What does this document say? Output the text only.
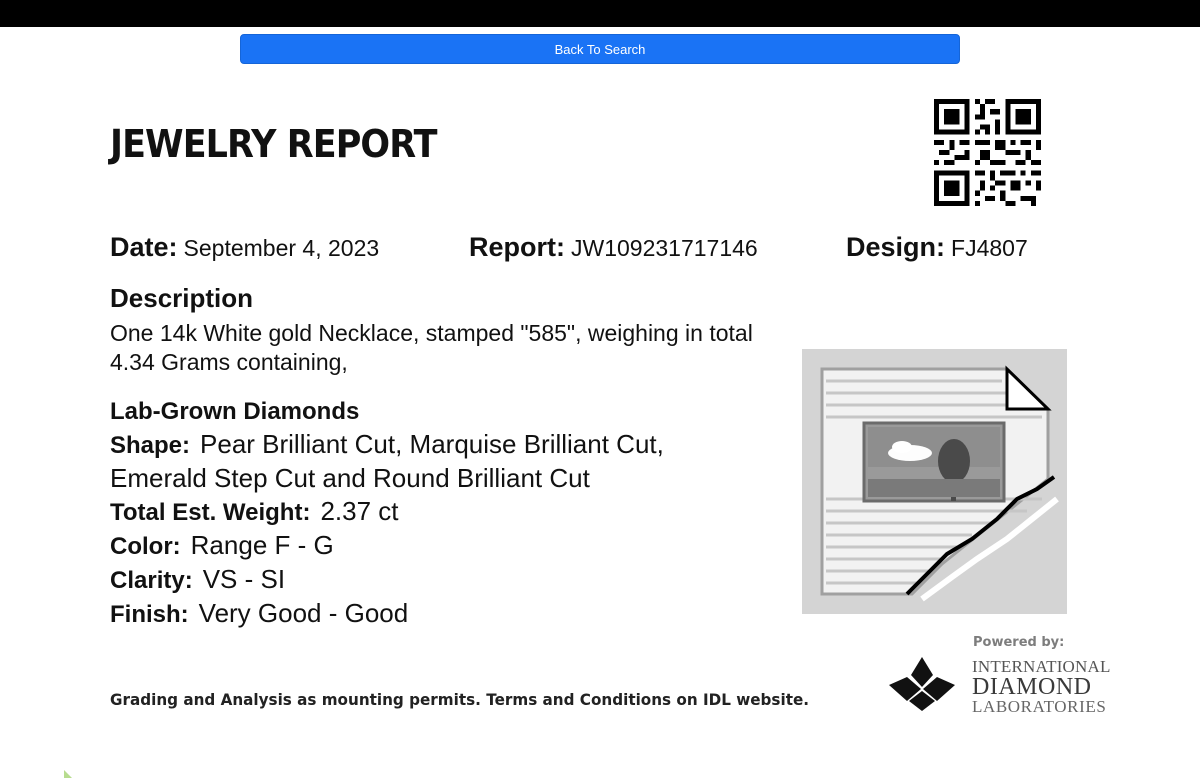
Back To Search
JEWELRY REPORT
Date: September 4, 2023	Report: JW109231717146	Design: FJ4807
Description
One 14k White gold Necklace, stamped "585", weighing in total 4.34 Grams containing,
Lab-Grown Diamonds
Shape: Pear Brilliant Cut, Marquise Brilliant Cut, Emerald Step Cut and Round Brilliant Cut
Total Est. Weight: 2.37 ct
Color: Range F - G
Clarity: VS - SI
Finish: Very Good - Good
Powered by:
INTERNATIONAL
DIAMOND
LABORATORIES
Grading and Analysis as mounting permits. Terms and Conditions on IDL website.
